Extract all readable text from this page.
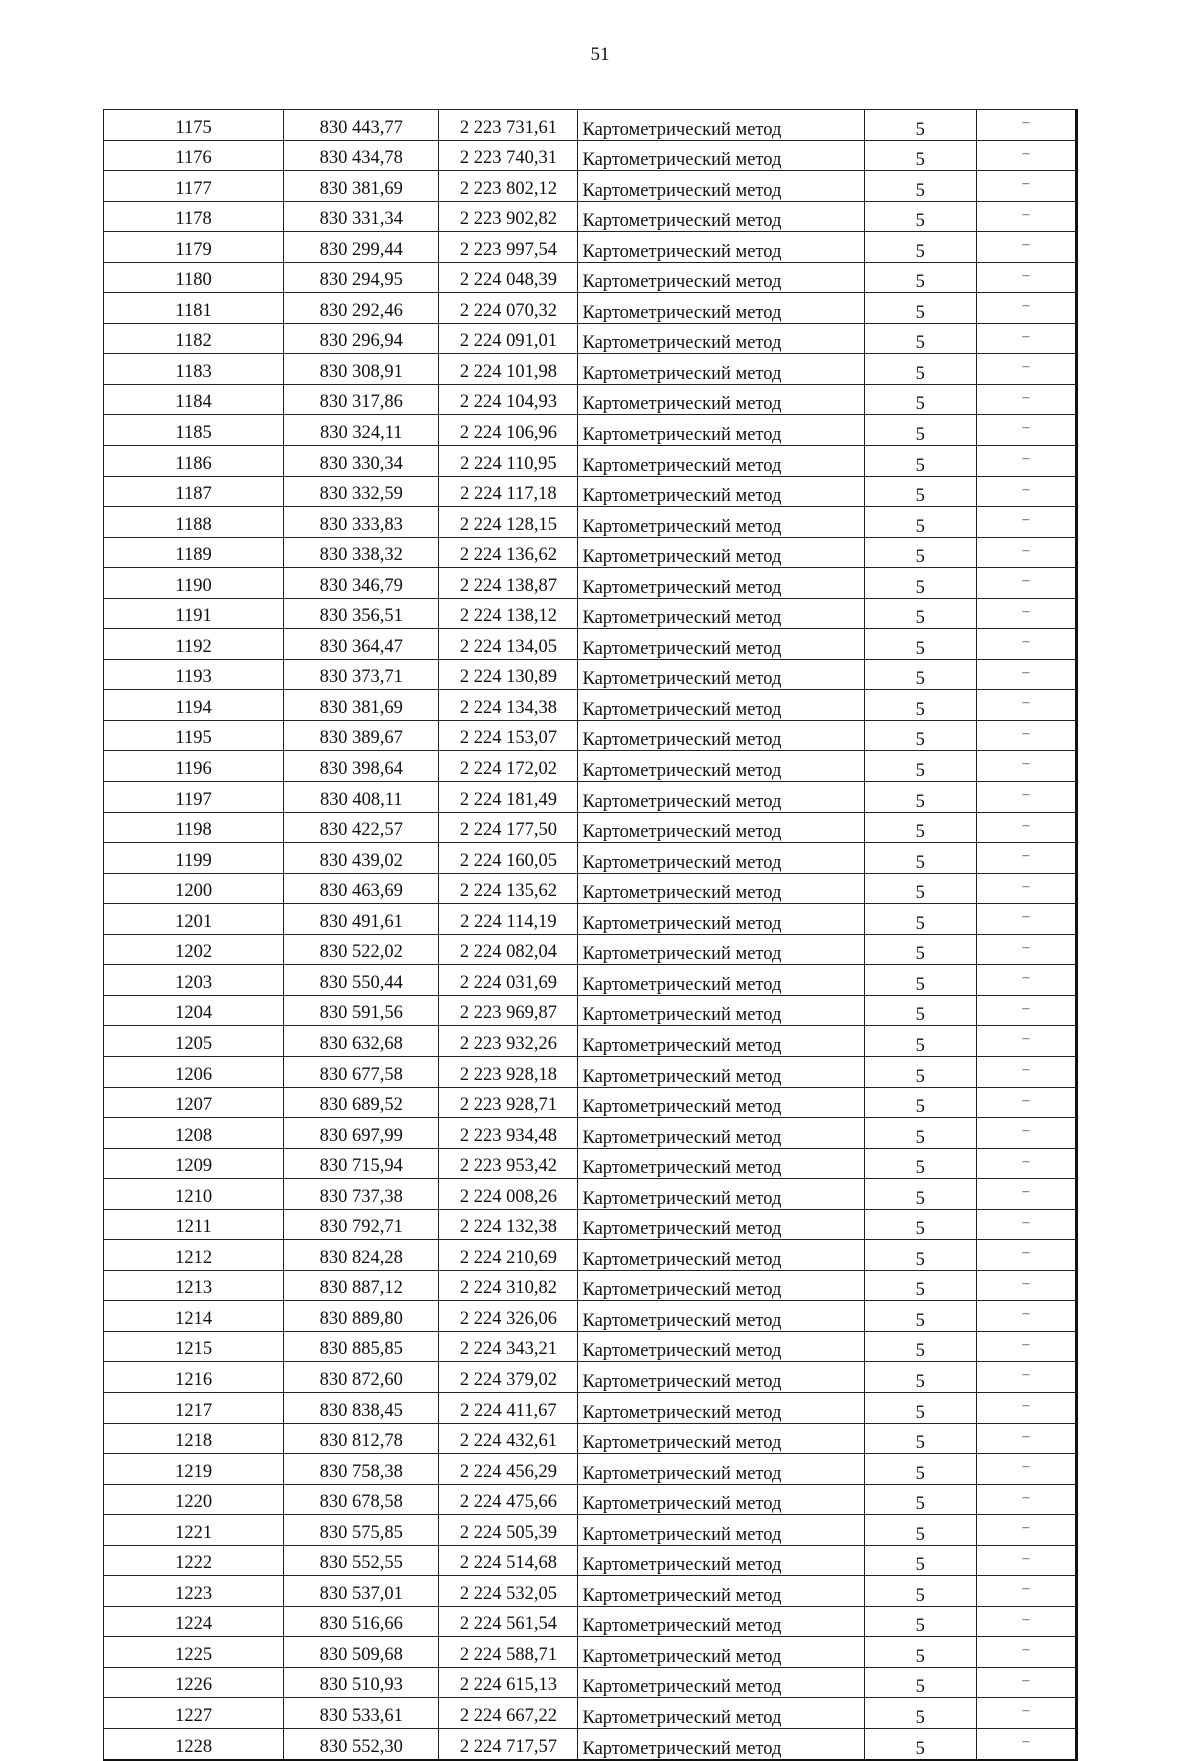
51
1175	830 443,77	2 223 731,61	Картометрический метод	5	–
1176	830 434,78	2 223 740,31	Картометрический метод	5	–
1177	830 381,69	2 223 802,12	Картометрический метод	5	–
1178	830 331,34	2 223 902,82	Картометрический метод	5	–
1179	830 299,44	2 223 997,54	Картометрический метод	5	–
1180	830 294,95	2 224 048,39	Картометрический метод	5	–
1181	830 292,46	2 224 070,32	Картометрический метод	5	–
1182	830 296,94	2 224 091,01	Картометрический метод	5	–
1183	830 308,91	2 224 101,98	Картометрический метод	5	–
1184	830 317,86	2 224 104,93	Картометрический метод	5	–
1185	830 324,11	2 224 106,96	Картометрический метод	5	–
1186	830 330,34	2 224 110,95	Картометрический метод	5	–
1187	830 332,59	2 224 117,18	Картометрический метод	5	–
1188	830 333,83	2 224 128,15	Картометрический метод	5	–
1189	830 338,32	2 224 136,62	Картометрический метод	5	–
1190	830 346,79	2 224 138,87	Картометрический метод	5	–
1191	830 356,51	2 224 138,12	Картометрический метод	5	–
1192	830 364,47	2 224 134,05	Картометрический метод	5	–
1193	830 373,71	2 224 130,89	Картометрический метод	5	–
1194	830 381,69	2 224 134,38	Картометрический метод	5	–
1195	830 389,67	2 224 153,07	Картометрический метод	5	–
1196	830 398,64	2 224 172,02	Картометрический метод	5	–
1197	830 408,11	2 224 181,49	Картометрический метод	5	–
1198	830 422,57	2 224 177,50	Картометрический метод	5	–
1199	830 439,02	2 224 160,05	Картометрический метод	5	–
1200	830 463,69	2 224 135,62	Картометрический метод	5	–
1201	830 491,61	2 224 114,19	Картометрический метод	5	–
1202	830 522,02	2 224 082,04	Картометрический метод	5	–
1203	830 550,44	2 224 031,69	Картометрический метод	5	–
1204	830 591,56	2 223 969,87	Картометрический метод	5	–
1205	830 632,68	2 223 932,26	Картометрический метод	5	–
1206	830 677,58	2 223 928,18	Картометрический метод	5	–
1207	830 689,52	2 223 928,71	Картометрический метод	5	–
1208	830 697,99	2 223 934,48	Картометрический метод	5	–
1209	830 715,94	2 223 953,42	Картометрический метод	5	–
1210	830 737,38	2 224 008,26	Картометрический метод	5	–
1211	830 792,71	2 224 132,38	Картометрический метод	5	–
1212	830 824,28	2 224 210,69	Картометрический метод	5	–
1213	830 887,12	2 224 310,82	Картометрический метод	5	–
1214	830 889,80	2 224 326,06	Картометрический метод	5	–
1215	830 885,85	2 224 343,21	Картометрический метод	5	–
1216	830 872,60	2 224 379,02	Картометрический метод	5	–
1217	830 838,45	2 224 411,67	Картометрический метод	5	–
1218	830 812,78	2 224 432,61	Картометрический метод	5	–
1219	830 758,38	2 224 456,29	Картометрический метод	5	–
1220	830 678,58	2 224 475,66	Картометрический метод	5	–
1221	830 575,85	2 224 505,39	Картометрический метод	5	–
1222	830 552,55	2 224 514,68	Картометрический метод	5	–
1223	830 537,01	2 224 532,05	Картометрический метод	5	–
1224	830 516,66	2 224 561,54	Картометрический метод	5	–
1225	830 509,68	2 224 588,71	Картометрический метод	5	–
1226	830 510,93	2 224 615,13	Картометрический метод	5	–
1227	830 533,61	2 224 667,22	Картометрический метод	5	–
1228	830 552,30	2 224 717,57	Картометрический метод	5	–
